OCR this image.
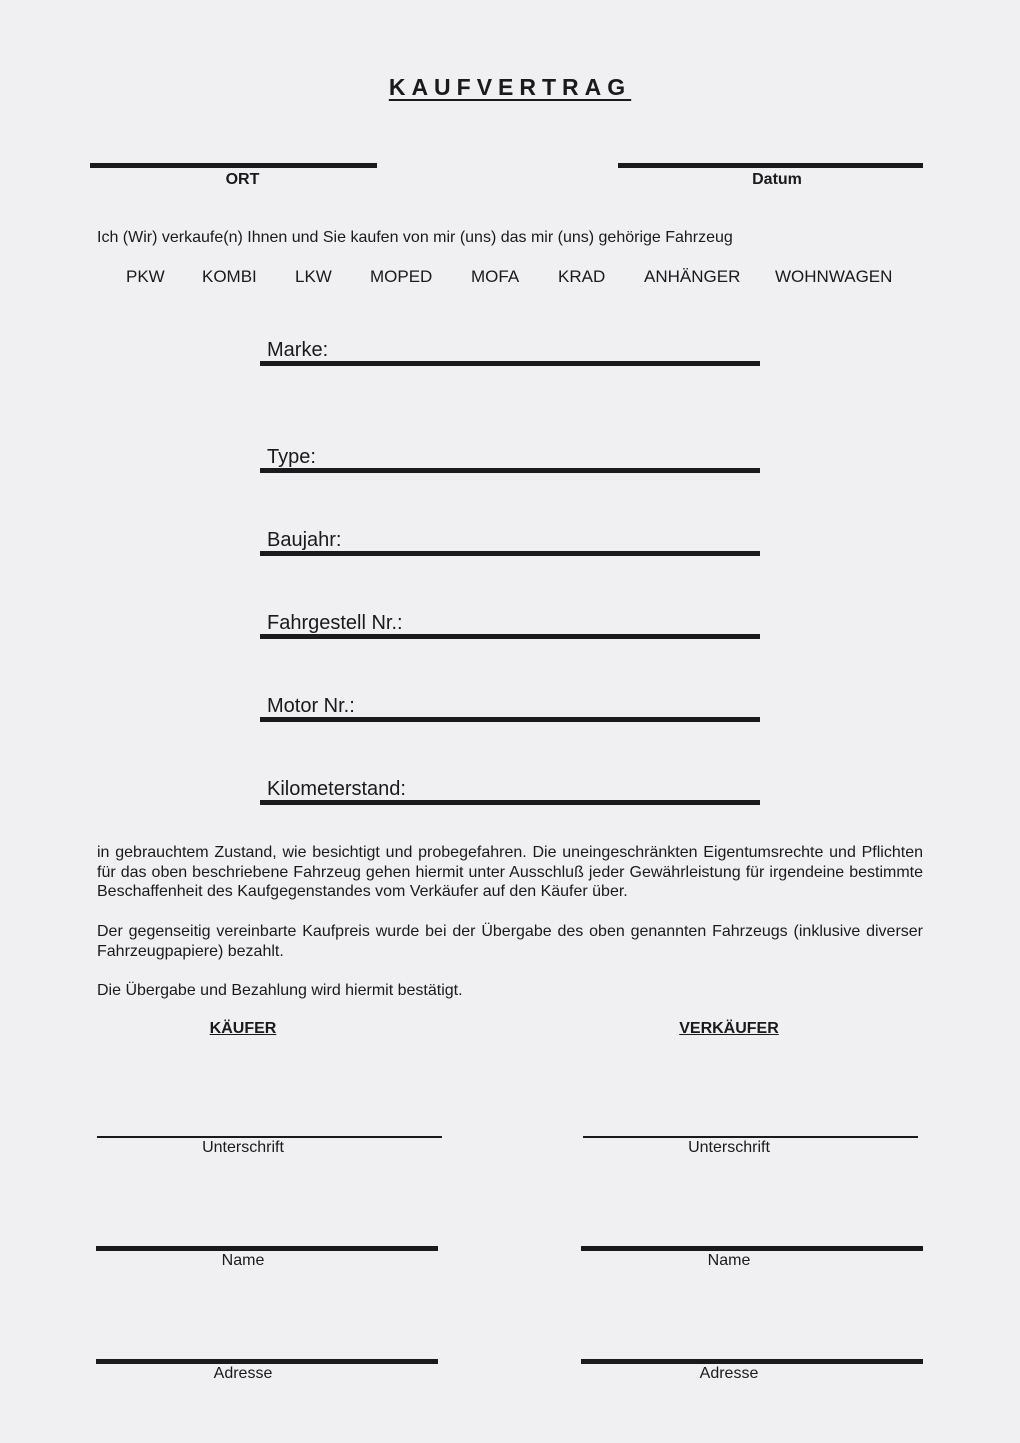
KAUFVERTRAG
ORT	Datum
Ich (Wir) verkaufe(n) Ihnen und Sie kaufen von mir (uns) das mir (uns) gehörige Fahrzeug
PKW KOMBI LKW MOPED MOFA KRAD ANHÄNGER WOHNWAGEN
Marke:
Type:
Baujahr:
Fahrgestell Nr.:
Motor Nr.:
Kilometerstand:
in gebrauchtem Zustand, wie besichtigt und probegefahren. Die uneingeschränkten Eigentumsrechte und Pflichten für das oben beschriebene Fahrzeug gehen hiermit unter Ausschluß jeder Gewährleistung für irgendeine bestimmte Beschaffenheit des Kaufgegenstandes vom Verkäufer auf den Käufer über.
Der gegenseitig vereinbarte Kaufpreis wurde bei der Übergabe des oben genannten Fahrzeugs (inklusive diverser Fahrzeugpapiere) bezahlt.
Die Übergabe und Bezahlung wird hiermit bestätigt.
KÄUFER	VERKÄUFER
Unterschrift	Unterschrift
Name	Name
Adresse	Adresse
